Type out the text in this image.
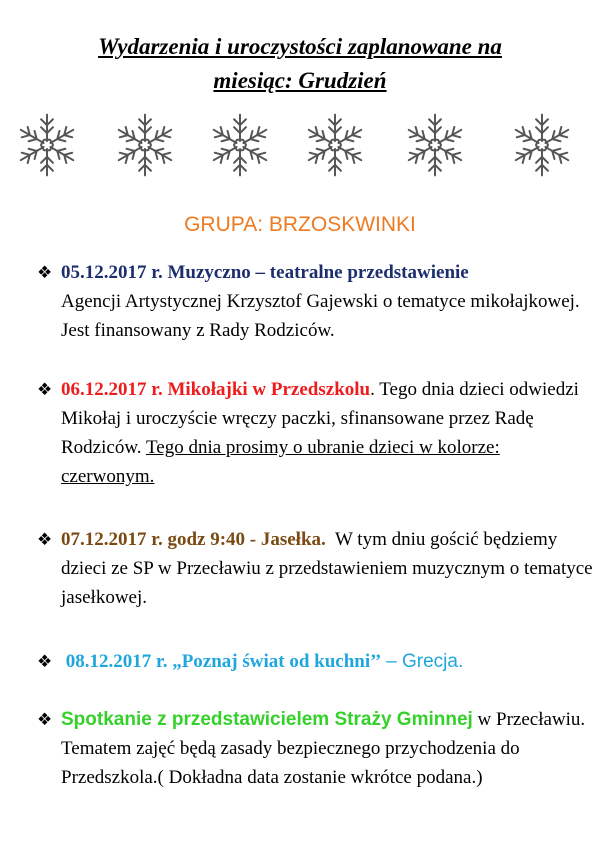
Wydarzenia i uroczystości zaplanowane na
miesiąc: Grudzień
GRUPA: BRZOSKWINKI
❖ 05.12.2017 r. Muzyczno – teatralne przedstawienie
Agencji Artystycznej Krzysztof Gajewski o tematyce mikołajkowej. Jest finansowany z Rady Rodziców.
❖ 06.12.2017 r. Mikołajki w Przedszkolu. Tego dnia dzieci odwiedzi Mikołaj i uroczyście wręczy paczki, sfinansowane przez Radę Rodziców. Tego dnia prosimy o ubranie dzieci w kolorze: czerwonym.
❖ 07.12.2017 r. godz 9:40 - Jasełka. W tym dniu gościć będziemy dzieci ze SP w Przecławiu z przedstawieniem muzycznym o tematyce jasełkowej.
❖ 08.12.2017 r. „Poznaj świat od kuchni’’ – Grecja.
❖ Spotkanie z przedstawicielem Straży Gminnej w Przecławiu. Tematem zajęć będą zasady bezpiecznego przychodzenia do Przedszkola.( Dokładna data zostanie wkrótce podana.)
